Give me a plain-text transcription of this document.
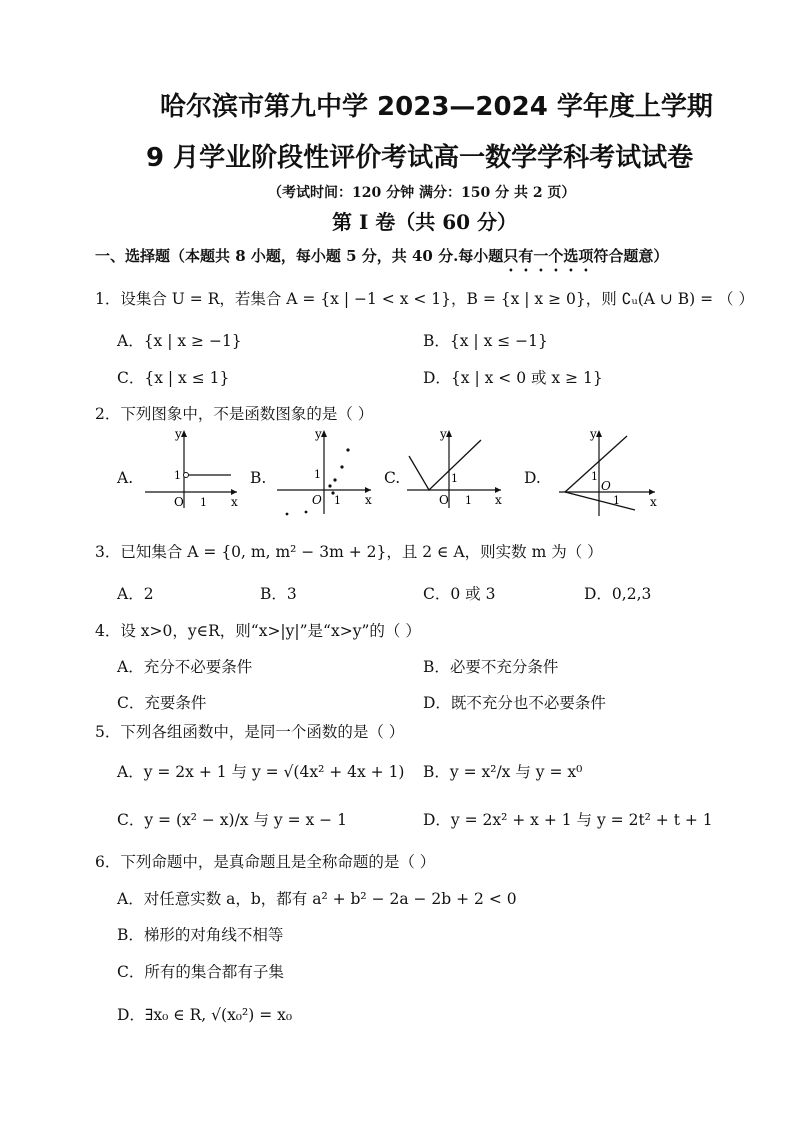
哈尔滨市第九中学 2023—2024 学年度上学期
9 月学业阶段性评价考试高一数学学科考试试卷
（考试时间：120 分钟 满分：150 分 共 2 页）
第 I 卷（共 60 分）
一、选择题（本题共 8 小题，每小题 5 分，共 40 分.每小题只有一个选项符合题意）
1．设集合 U = R，若集合 A = {x | −1 < x < 1}，B = {x | x ≥ 0}，则 ∁ᵤ(A ∪ B) = （ ）
A．{x | x ≥ −1}	B．{x | x ≤ −1}
C．{x | x ≤ 1}	D．{x | x < 0 或 x ≥ 1}
2．下列图象中，不是函数图象的是（ ）
A.	B.	C.	D.
y
x
O
1
1
y
x
O
1
1
y
x
O
1
1
y
x
O
1
1
3．已知集合 A = {0, m, m² − 3m + 2}，且 2 ∈ A，则实数 m 为（ ）
A．2	B．3	C．0 或 3	D．0,2,3
4．设 x>0，y∈R，则“x>|y|”是“x>y”的（ ）
A．充分不必要条件	B．必要不充分条件
C．充要条件	D．既不充分也不必要条件
5．下列各组函数中，是同一个函数的是（ ）
A．y = 2x + 1 与 y = √(4x² + 4x + 1) B．y = x²/x 与 y = x⁰
C．y = (x² − x)/x 与 y = x − 1	D．y = 2x² + x + 1 与 y = 2t² + t + 1
6．下列命题中，是真命题且是全称命题的是（ ）
A．对任意实数 a，b，都有 a² + b² − 2a − 2b + 2 < 0
B．梯形的对角线不相等
C．所有的集合都有子集
D．∃x₀ ∈ R, √(x₀²) = x₀
